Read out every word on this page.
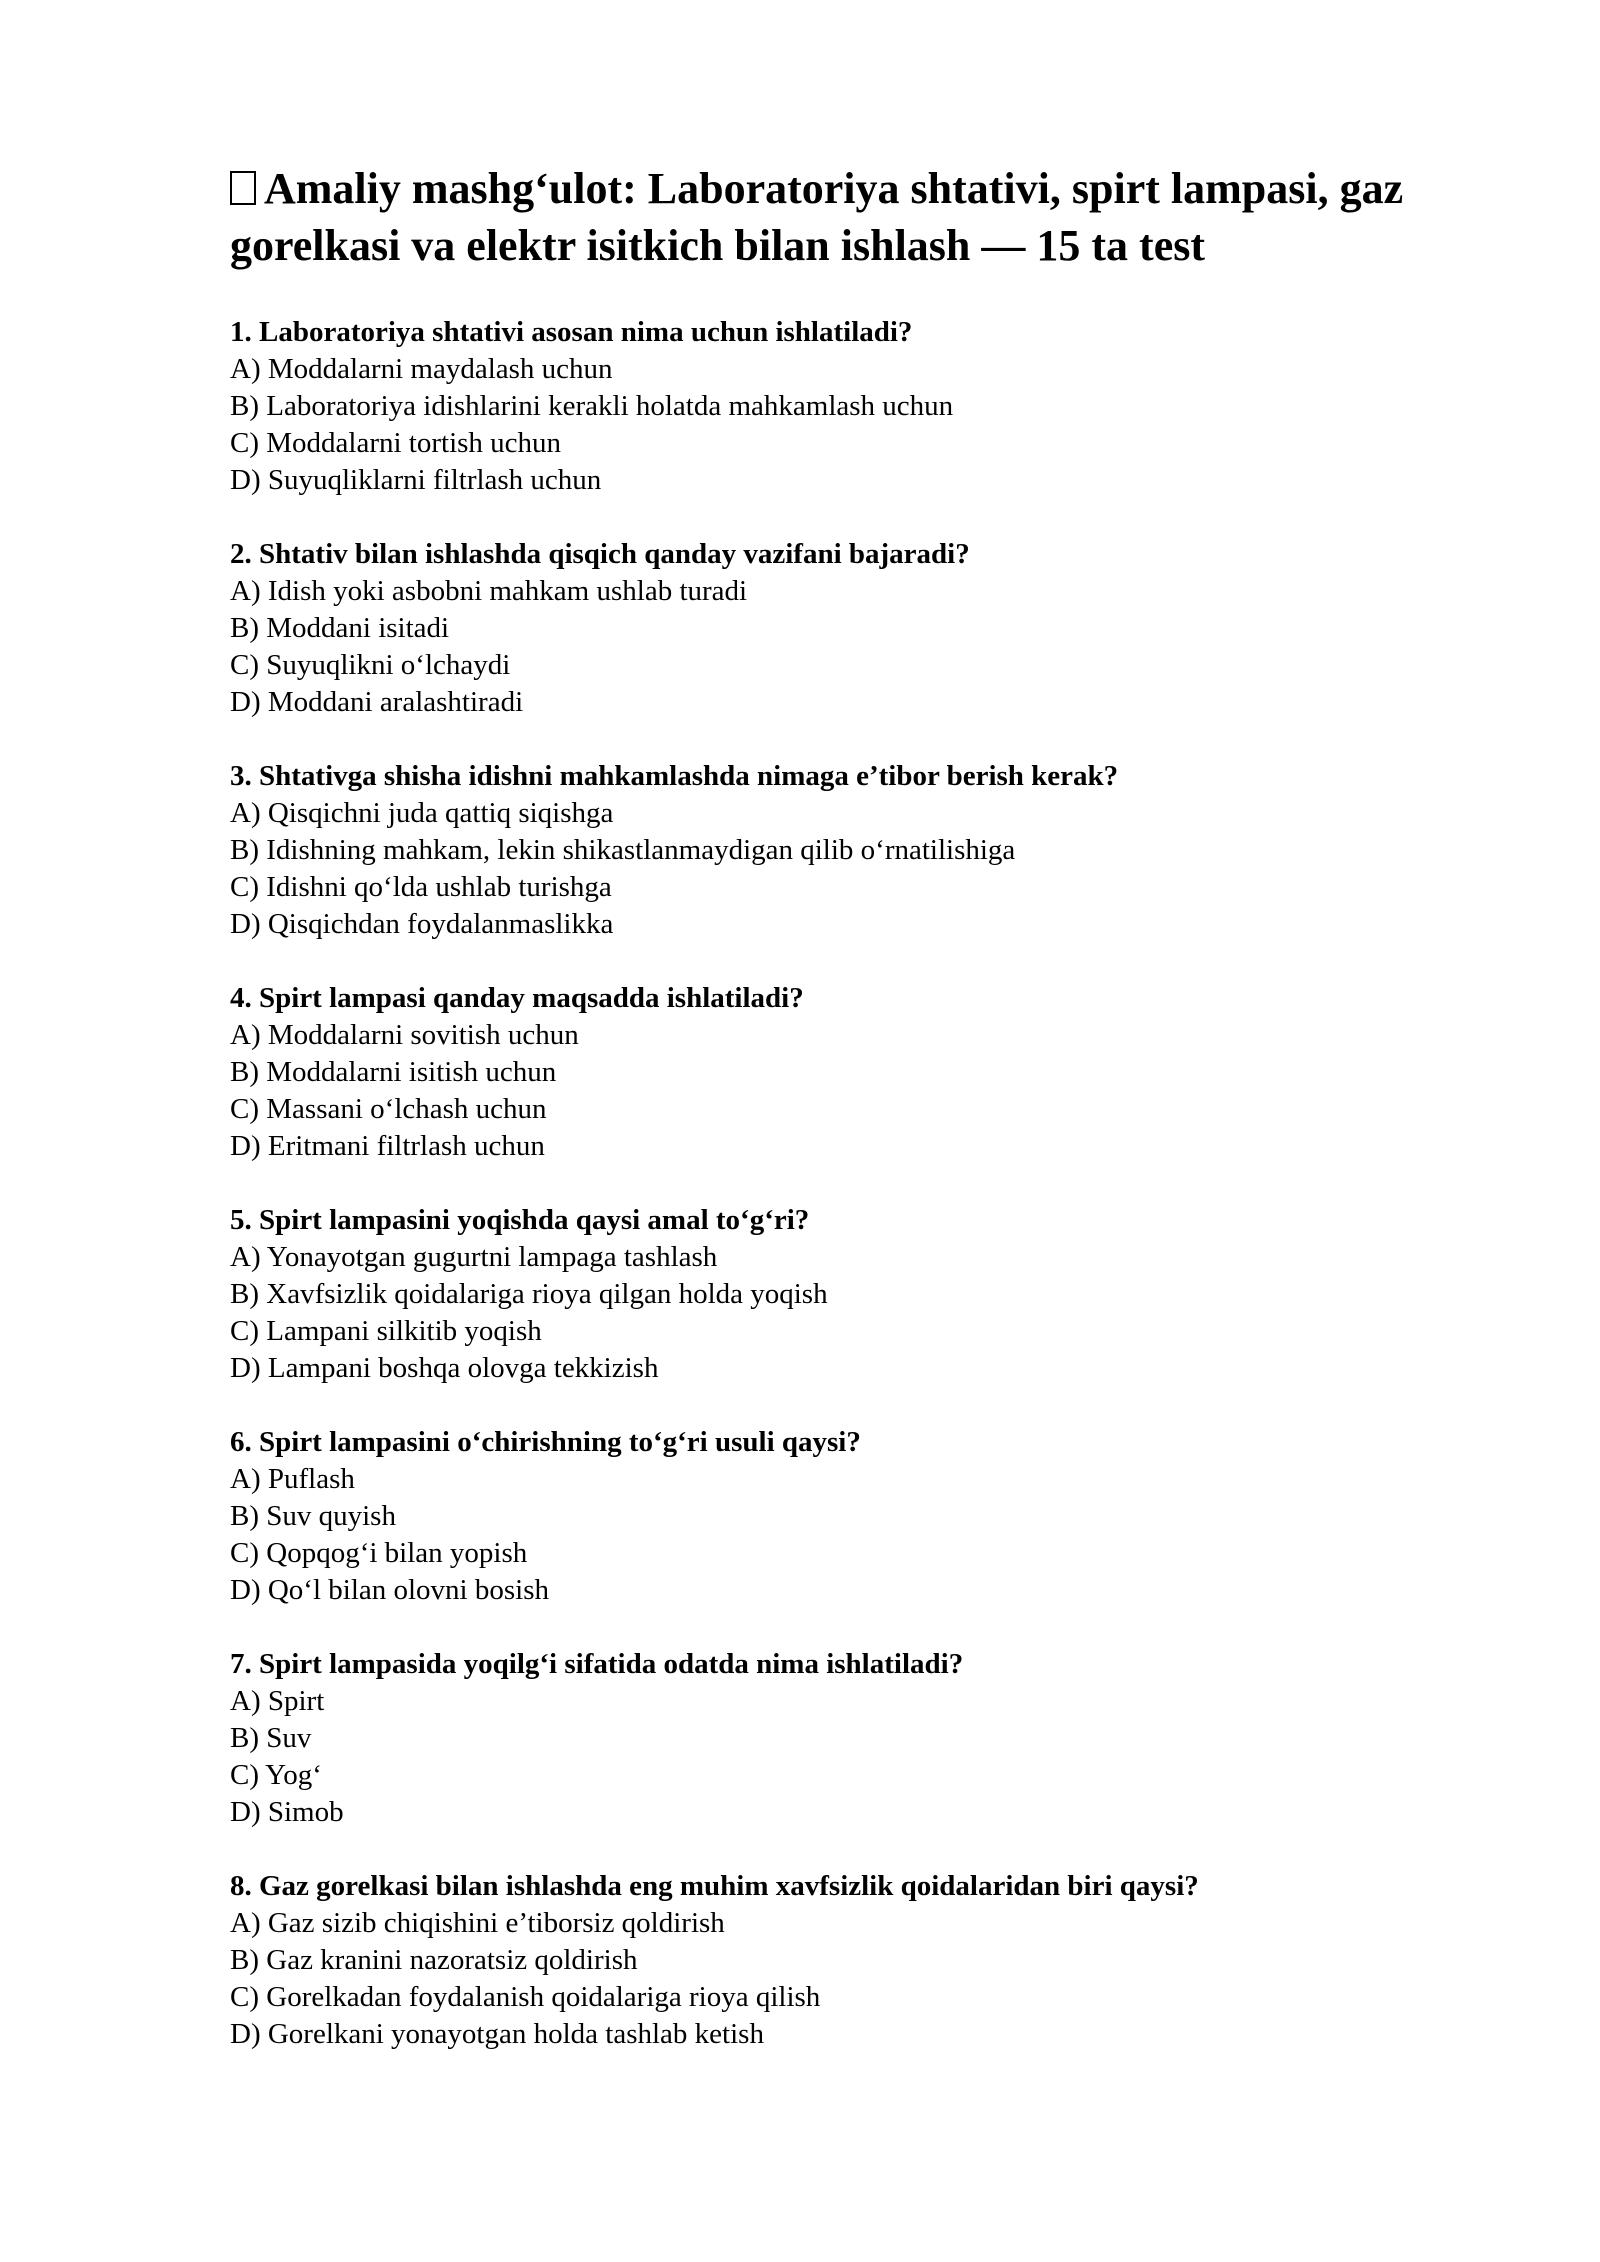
Amaliy mashg‘ulot: Laboratoriya shtativi, spirt lampasi, gaz gorelkasi va elektr isitkich bilan ishlash — 15 ta test

1. Laboratoriya shtativi asosan nima uchun ishlatiladi?

A) Moddalarni maydalash uchun

B) Laboratoriya idishlarini kerakli holatda mahkamlash uchun

C) Moddalarni tortish uchun

D) Suyuqliklarni filtrlash uchun

2. Shtativ bilan ishlashda qisqich qanday vazifani bajaradi?

A) Idish yoki asbobni mahkam ushlab turadi

B) Moddani isitadi

C) Suyuqlikni o‘lchaydi

D) Moddani aralashtiradi

3. Shtativga shisha idishni mahkamlashda nimaga e’tibor berish kerak?

A) Qisqichni juda qattiq siqishga

B) Idishning mahkam, lekin shikastlanmaydigan qilib o‘rnatilishiga

C) Idishni qo‘lda ushlab turishga

D) Qisqichdan foydalanmaslikka

4. Spirt lampasi qanday maqsadda ishlatiladi?

A) Moddalarni sovitish uchun

B) Moddalarni isitish uchun

C) Massani o‘lchash uchun

D) Eritmani filtrlash uchun

5. Spirt lampasini yoqishda qaysi amal to‘g‘ri?

A) Yonayotgan gugurtni lampaga tashlash

B) Xavfsizlik qoidalariga rioya qilgan holda yoqish

C) Lampani silkitib yoqish

D) Lampani boshqa olovga tekkizish

6. Spirt lampasini o‘chirishning to‘g‘ri usuli qaysi?

A) Puflash

B) Suv quyish

C) Qopqog‘i bilan yopish

D) Qo‘l bilan olovni bosish

7. Spirt lampasida yoqilg‘i sifatida odatda nima ishlatiladi?

A) Spirt

B) Suv

C) Yog‘

D) Simob

8. Gaz gorelkasi bilan ishlashda eng muhim xavfsizlik qoidalaridan biri qaysi?

A) Gaz sizib chiqishini e’tiborsiz qoldirish

B) Gaz kranini nazoratsiz qoldirish

C) Gorelkadan foydalanish qoidalariga rioya qilish

D) Gorelkani yonayotgan holda tashlab ketish
